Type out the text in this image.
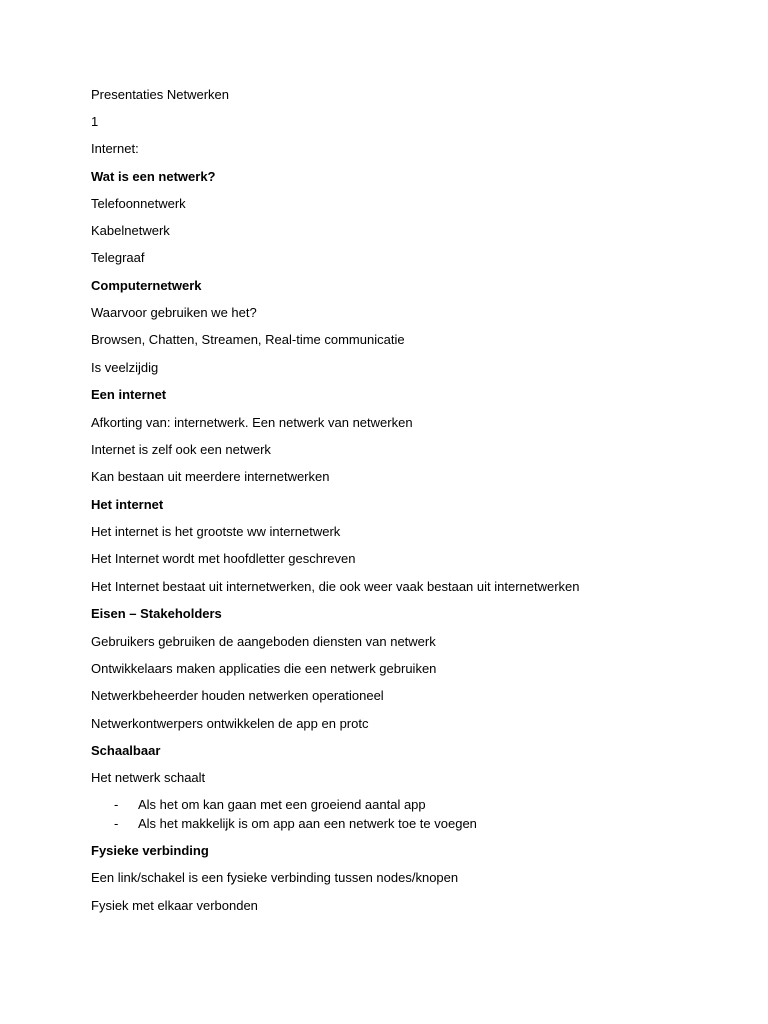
Presentaties Netwerken
1
Internet:
Wat is een netwerk?
Telefoonnetwerk
Kabelnetwerk
Telegraaf
Computernetwerk
Waarvoor gebruiken we het?
Browsen, Chatten, Streamen, Real-time communicatie
Is veelzijdig
Een internet
Afkorting van: internetwerk. Een netwerk van netwerken
Internet is zelf ook een netwerk
Kan bestaan uit meerdere internetwerken
Het internet
Het internet is het grootste ww internetwerk
Het Internet wordt met hoofdletter geschreven
Het Internet bestaat uit internetwerken, die ook weer vaak bestaan uit internetwerken
Eisen – Stakeholders
Gebruikers gebruiken de aangeboden diensten van netwerk
Ontwikkelaars maken applicaties die een netwerk gebruiken
Netwerkbeheerder houden netwerken operationeel
Netwerkontwerpers ontwikkelen de app en protc
Schaalbaar
Het netwerk schaalt
- Als het om kan gaan met een groeiend aantal app
- Als het makkelijk is om app aan een netwerk toe te voegen
Fysieke verbinding
Een link/schakel is een fysieke verbinding tussen nodes/knopen
Fysiek met elkaar verbonden
